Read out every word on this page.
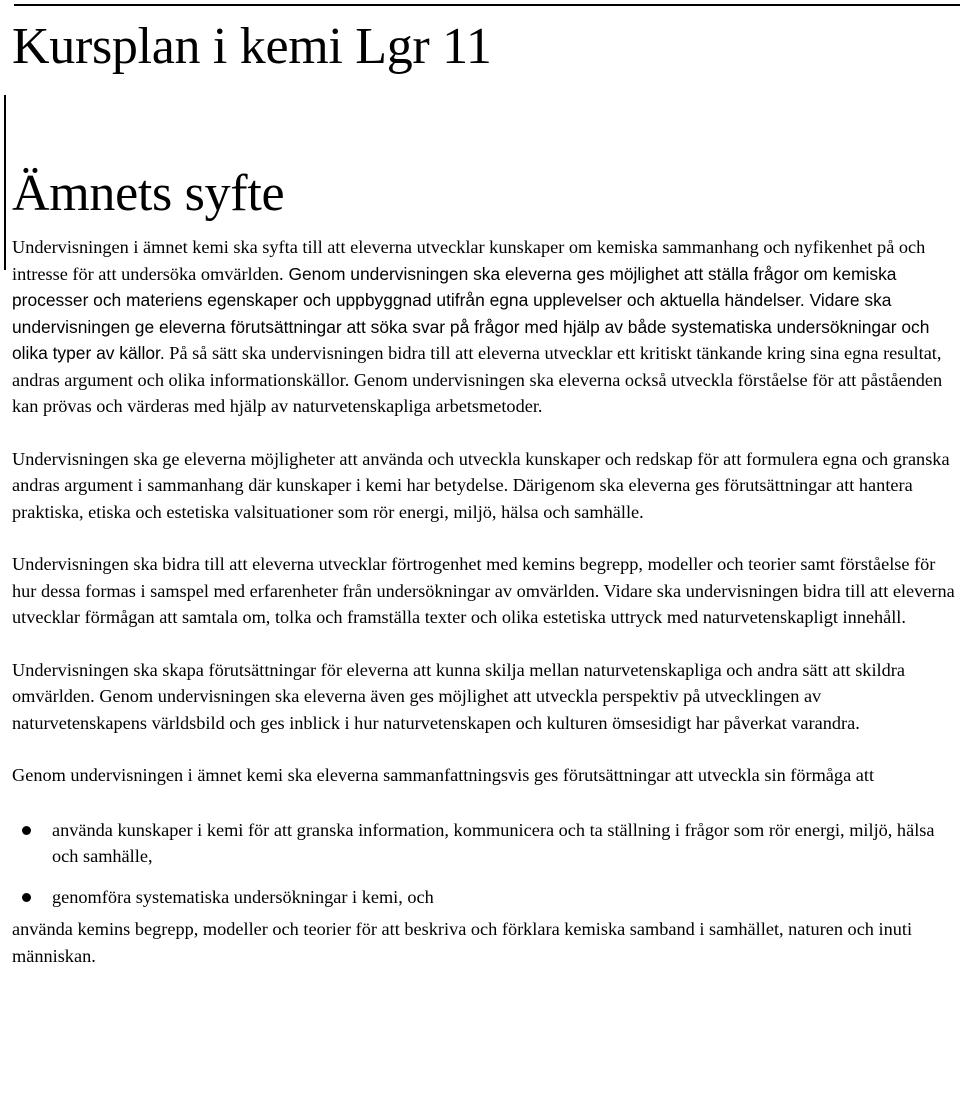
Kursplan i kemi Lgr 11
Ämnets syfte

Undervisningen i ämnet kemi ska syfta till att eleverna utvecklar kunskaper om kemiska sammanhang och nyfikenhet på och intresse för att undersöka omvärlden. Genom undervisningen ska eleverna ges möjlighet att ställa frågor om kemiska processer och materiens egenskaper och uppbyggnad utifrån egna upplevelser och aktuella händelser. Vidare ska undervisningen ge eleverna förutsättningar att söka svar på frågor med hjälp av både systematiska undersökningar och olika typer av källor. På så sätt ska undervisningen bidra till att eleverna utvecklar ett kritiskt tänkande kring sina egna resultat, andras argument och olika informationskällor. Genom undervisningen ska eleverna också utveckla förståelse för att påståenden kan prövas och värderas med hjälp av naturvetenskapliga arbetsmetoder.

Undervisningen ska ge eleverna möjligheter att använda och utveckla kunskaper och redskap för att formulera egna och granska andras argument i sammanhang där kunskaper i kemi har betydelse. Därigenom ska eleverna ges förutsättningar att hantera praktiska, etiska och estetiska valsituationer som rör energi, miljö, hälsa och samhälle.

Undervisningen ska bidra till att eleverna utvecklar förtrogenhet med kemins begrepp, modeller och teorier samt förståelse för hur dessa formas i samspel med erfarenheter från undersökningar av omvärlden. Vidare ska undervisningen bidra till att eleverna utvecklar förmågan att samtala om, tolka och framställa texter och olika estetiska uttryck med naturvetenskapligt innehåll.

Undervisningen ska skapa förutsättningar för eleverna att kunna skilja mellan naturvetenskapliga och andra sätt att skildra omvärlden. Genom undervisningen ska eleverna även ges möjlighet att utveckla perspektiv på utvecklingen av naturvetenskapens världsbild och ges inblick i hur naturvetenskapen och kulturen ömsesidigt har påverkat varandra.

Genom undervisningen i ämnet kemi ska eleverna sammanfattningsvis ges förutsättningar att utveckla sin förmåga att

använda kunskaper i kemi för att granska information, kommunicera och ta ställning i frågor som rör energi, miljö, hälsa och samhälle,
genomföra systematiska undersökningar i kemi, och

använda kemins begrepp, modeller och teorier för att beskriva och förklara kemiska samband i samhället, naturen och inuti människan.
